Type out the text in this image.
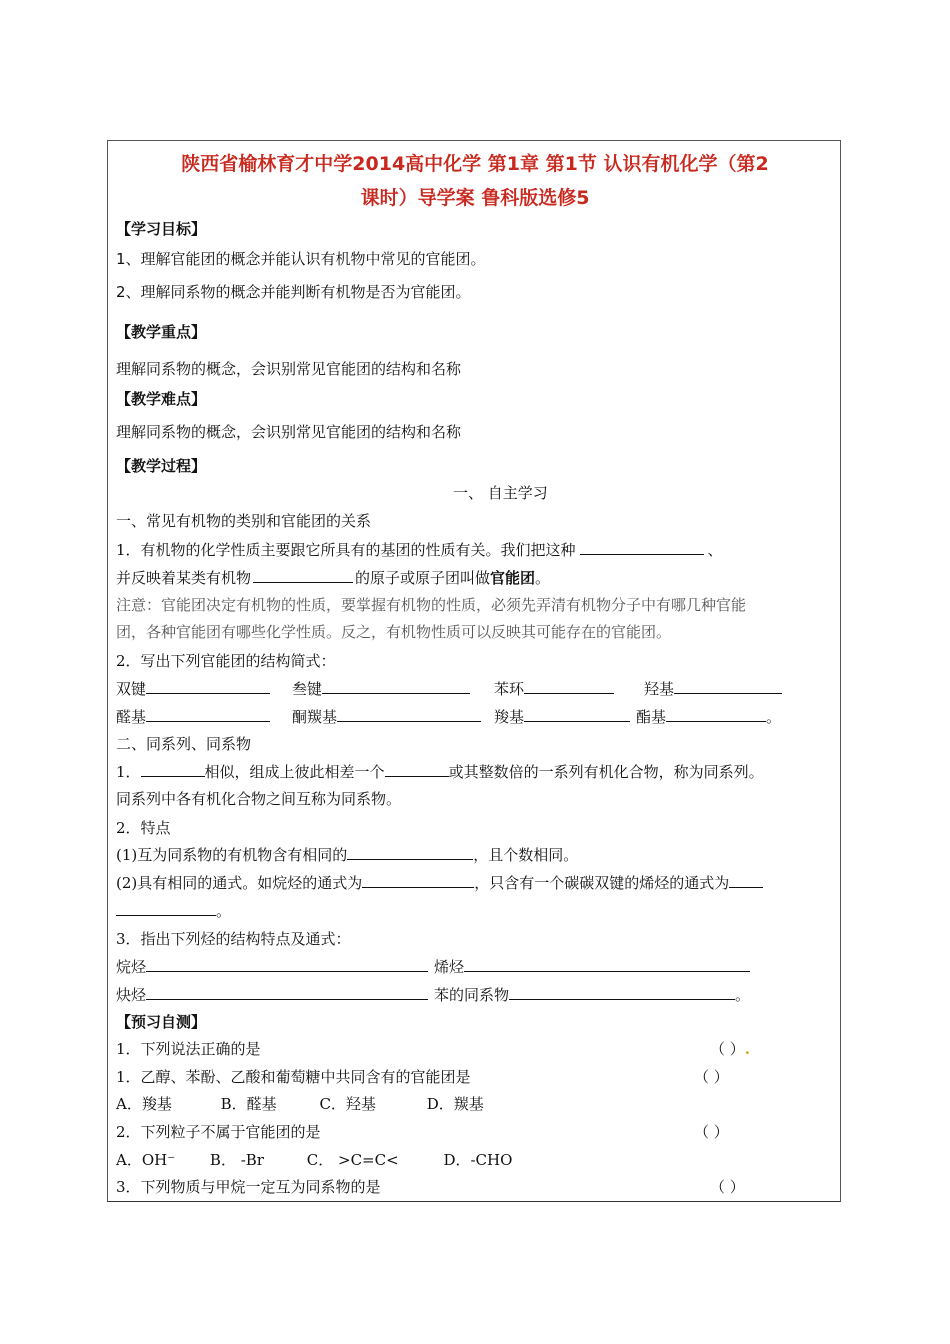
陕西省榆林育才中学2014高中化学 第1章 第1节 认识有机化学（第2
课时）导学案 鲁科版选修5
【学习目标】
1、理解官能团的概念并能认识有机物中常见的官能团。
2、理解同系物的概念并能判断有机物是否为官能团。
【教学重点】
理解同系物的概念，会识别常见官能团的结构和名称
【教学难点】
理解同系物的概念，会识别常见官能团的结构和名称
【教学过程】
一、 自主学习
一、常见有机物的类别和官能团的关系
1．有机物的化学性质主要跟它所具有的基团的性质有关。我们把这种	、
并反映着某类有机物	的原子或原子团叫做官能团。
注意：官能团决定有机物的性质，要掌握有机物的性质，必须先弄清有机物分子中有哪几种官能
团，各种官能团有哪些化学性质。反之，有机物性质可以反映其可能存在的官能团。
2．写出下列官能团的结构简式：
双键	叁键	苯环	羟基
醛基	酮羰基	羧基	酯基	。
二、同系列、同系物
1．	相似，组成上彼此相差一个	或其整数倍的一系列有机化合物，称为同系列。
同系列中各有机化合物之间互称为同系物。
2．特点
(1)互为同系物的有机物含有相同的	，且个数相同。
(2)具有相同的通式。如烷烃的通式为	，只含有一个碳碳双键的烯烃的通式为
。
3．指出下列烃的结构特点及通式：
烷烃	烯烃
炔烃	苯的同系物	。
【预习自测】
1．下列说法正确的是	（ ）.
1．乙醇、苯酚、乙酸和葡萄糖中共同含有的官能团是	（ ）
A．羧基	B．醛基	C．羟基	D．羰基
2．下列粒子不属于官能团的是	（ ）
A．OH⁻ B． -Br	C． >C=C<	D．-CHO
3．下列物质与甲烷一定互为同系物的是	（ ）
